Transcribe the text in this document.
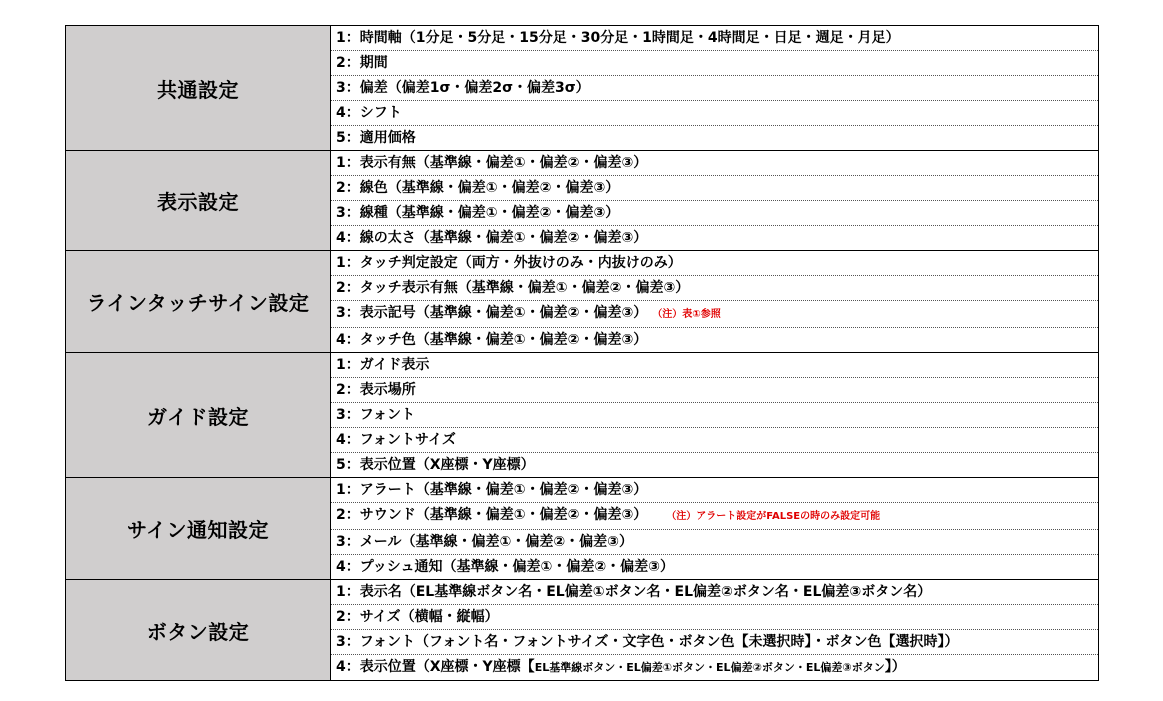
共通設定	1：時間軸（1分足・5分足・15分足・30分足・1時間足・4時間足・日足・週足・月足）
	2：期間
	3：偏差（偏差1σ・偏差2σ・偏差3σ）
	4：シフト
	5：適用価格
表示設定	1：表示有無（基準線・偏差①・偏差②・偏差③）
	2：線色（基準線・偏差①・偏差②・偏差③）
	3：線種（基準線・偏差①・偏差②・偏差③）
	4：線の太さ（基準線・偏差①・偏差②・偏差③）
ラインタッチサイン設定	1：タッチ判定設定（両方・外抜けのみ・内抜けのみ）
	2：タッチ表示有無（基準線・偏差①・偏差②・偏差③）
	3：表示記号（基準線・偏差①・偏差②・偏差③） （注）表①参照
	4：タッチ色（基準線・偏差①・偏差②・偏差③）
ガイド設定	1：ガイド表示
	2：表示場所
	3：フォント
	4：フォントサイズ
	5：表示位置（X座標・Y座標）
サイン通知設定	1：アラート（基準線・偏差①・偏差②・偏差③）
	2：サウンド（基準線・偏差①・偏差②・偏差③） （注）アラート設定がFALSEの時のみ設定可能
	3：メール（基準線・偏差①・偏差②・偏差③）
	4：プッシュ通知（基準線・偏差①・偏差②・偏差③）
ボタン設定	1：表示名（EL基準線ボタン名・EL偏差①ボタン名・EL偏差②ボタン名・EL偏差③ボタン名）
	2：サイズ（横幅・縦幅）
	3：フォント（フォント名・フォントサイズ・文字色・ボタン色【未選択時】・ボタン色【選択時】）
	4：表示位置（X座標・Y座標【EL基準線ボタン・EL偏差①ボタン・EL偏差②ボタン・EL偏差③ボタン】）
